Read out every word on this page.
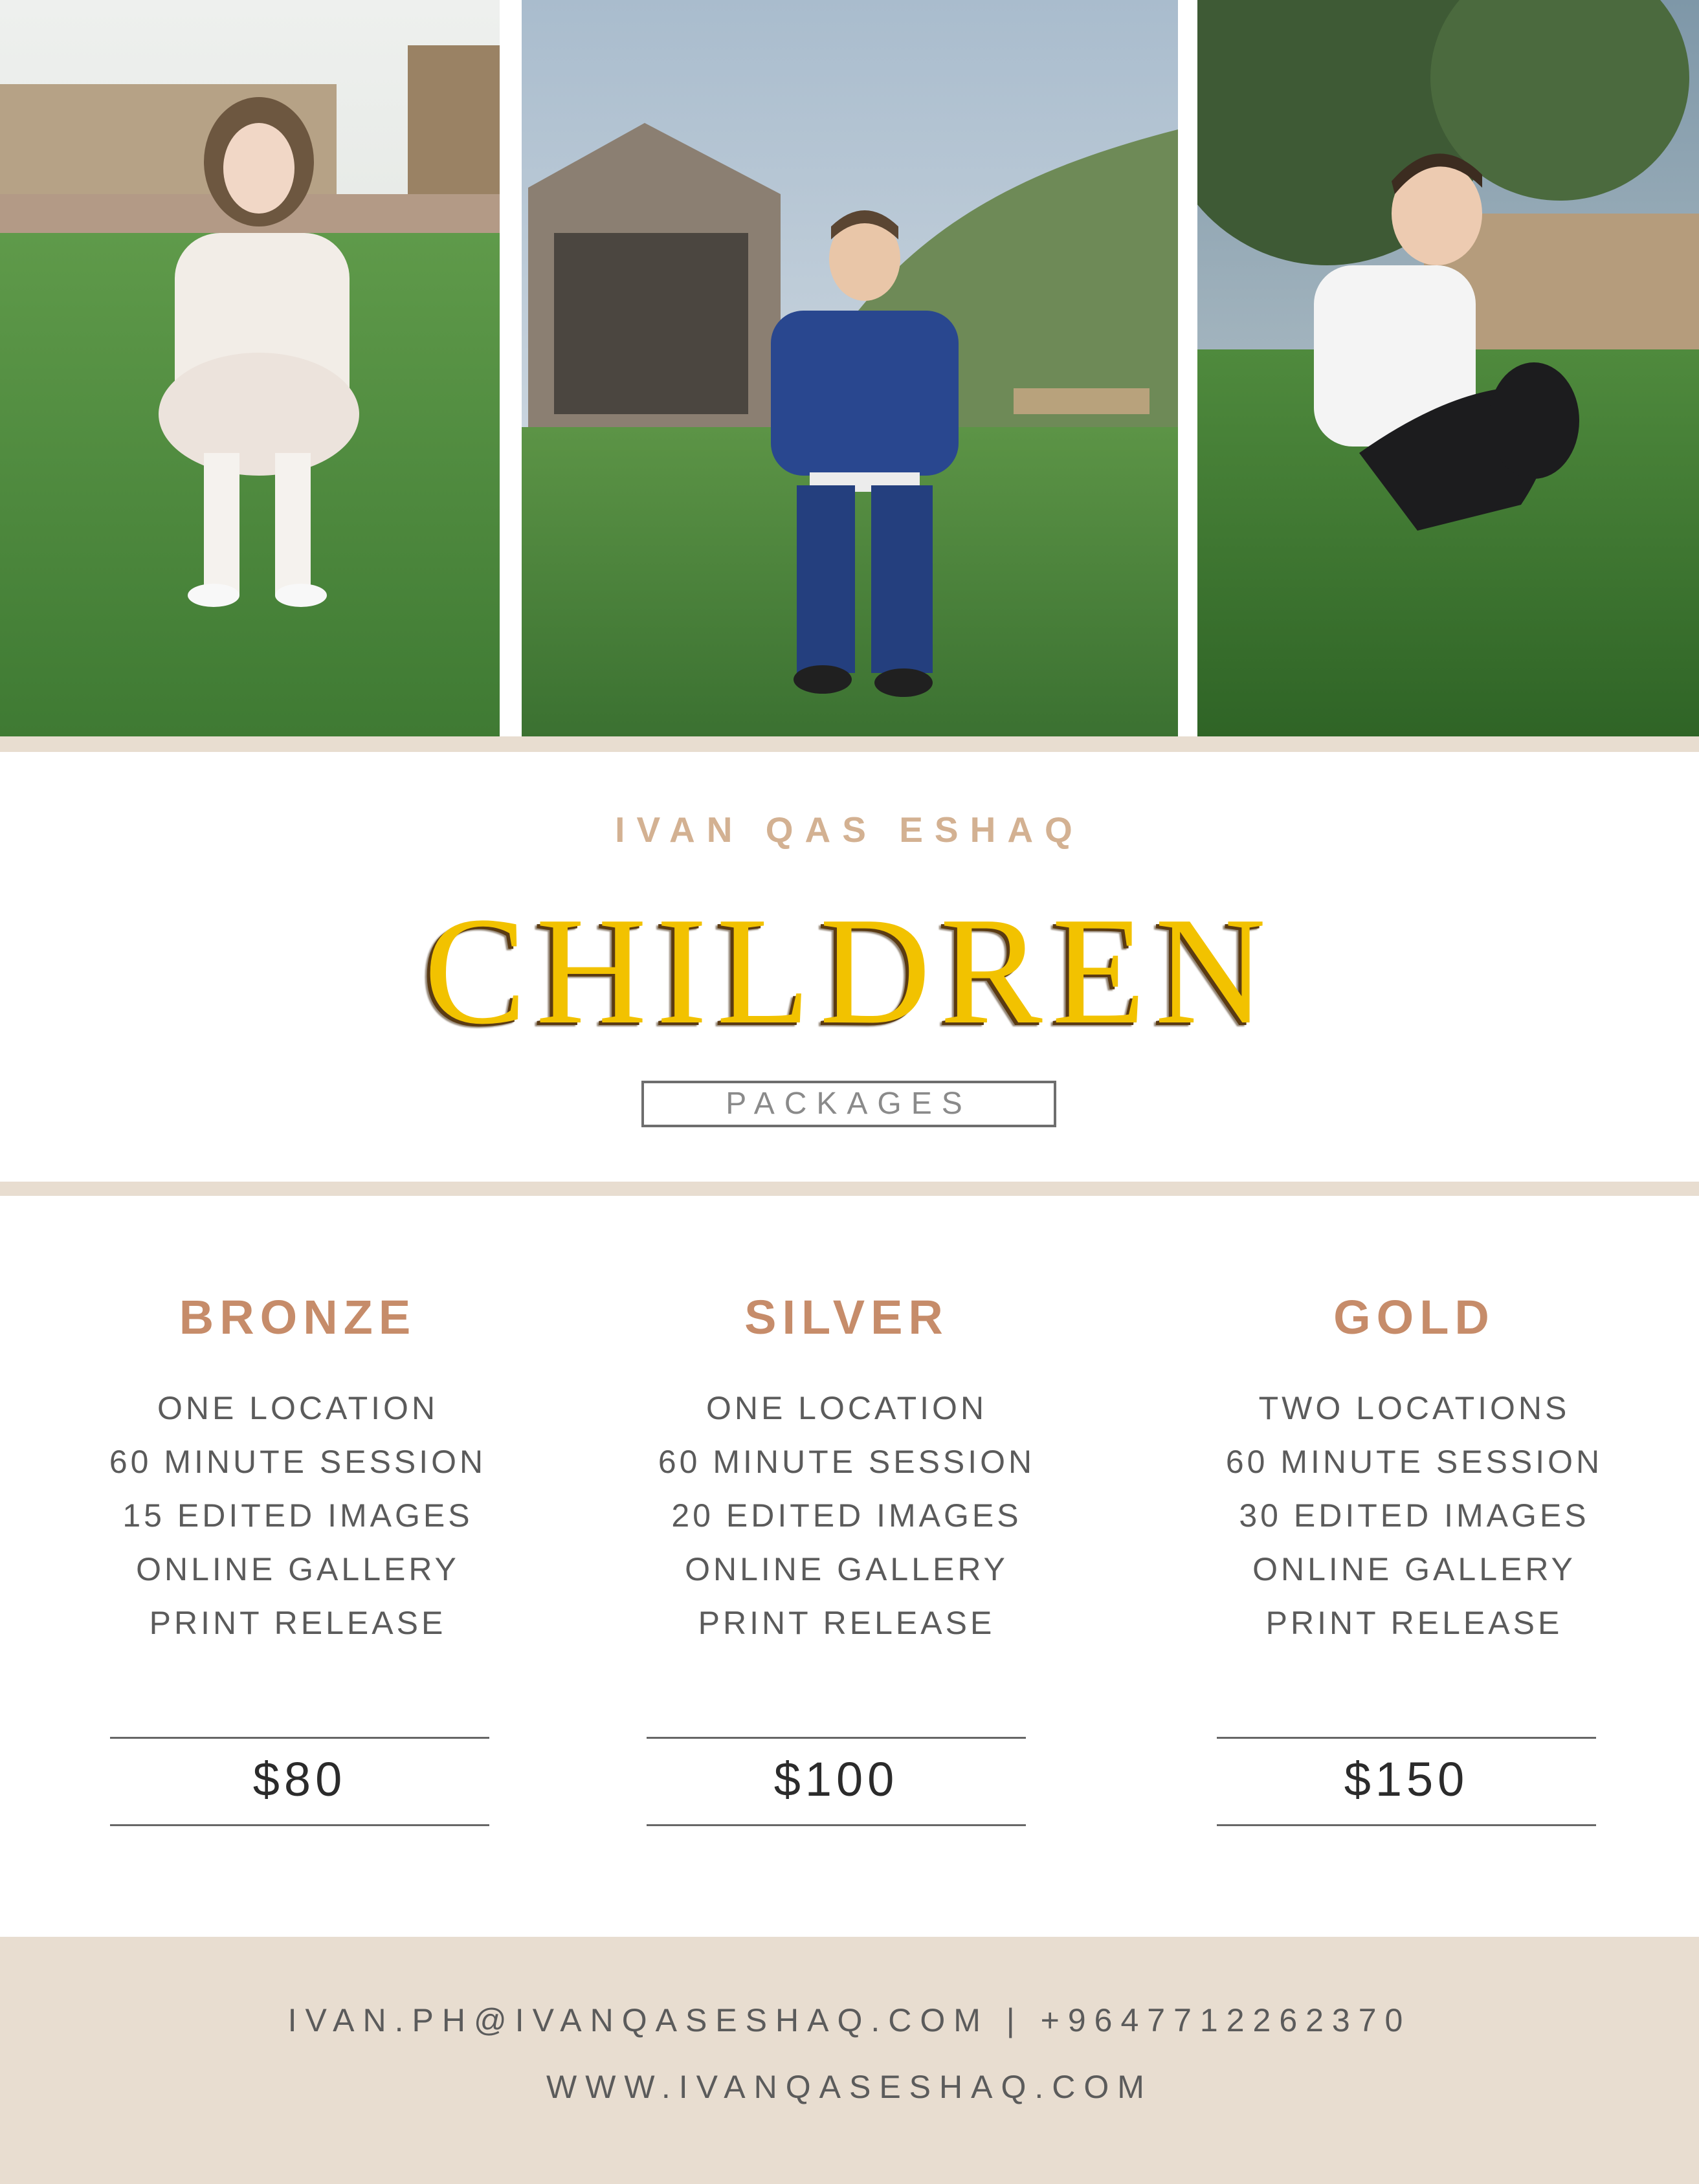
IVAN QAS ESHAQ
CHILDREN
PACKAGES
BRONZE
ONE LOCATION
60 MINUTE SESSION
15 EDITED IMAGES
ONLINE GALLERY
PRINT RELEASE
SILVER
ONE LOCATION
60 MINUTE SESSION
20 EDITED IMAGES
ONLINE GALLERY
PRINT RELEASE
GOLD
TWO LOCATIONS
60 MINUTE SESSION
30 EDITED IMAGES
ONLINE GALLERY
PRINT RELEASE
$80	$100	$150
IVAN.PH@IVANQASESHAQ.COM | +9647712262370
WWW.IVANQASESHAQ.COM
